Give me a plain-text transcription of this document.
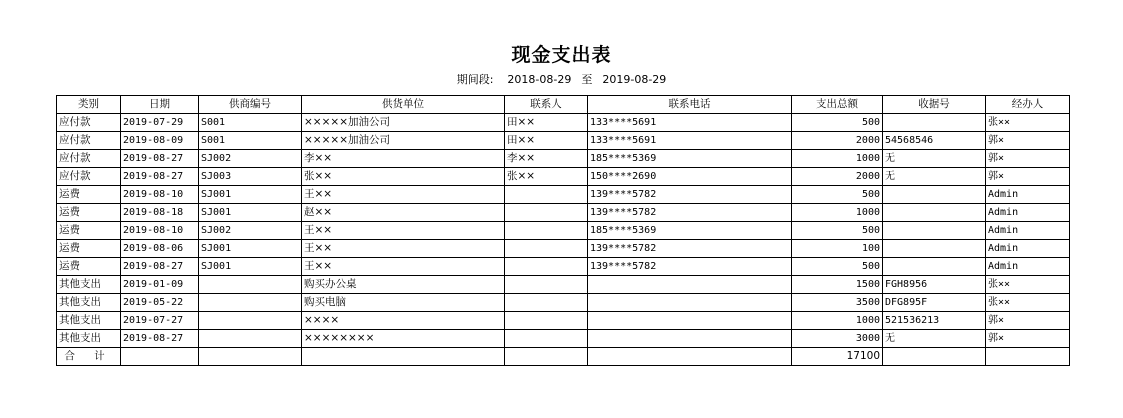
现金支出表
期间段: 2018-08-29 至 2019-08-29
类别	日期	供商编号	供货单位	联系人	联系电话	支出总额	收据号	经办人
应付款	2019-07-29	S001	×××××加油公司	田××	133****5691	500		张××
应付款	2019-08-09	S001	×××××加油公司	田××	133****5691	2000	54568546	郭×
应付款	2019-08-27	SJ002	李××	李××	185****5369	1000	无	郭×
应付款	2019-08-27	SJ003	张××	张××	150****2690	2000	无	郭×
运费	2019-08-10	SJ001	王××		139****5782	500		Admin
运费	2019-08-18	SJ001	赵××		139****5782	1000		Admin
运费	2019-08-10	SJ002	王××		185****5369	500		Admin
运费	2019-08-06	SJ001	王××		139****5782	100		Admin
运费	2019-08-27	SJ001	王××		139****5782	500		Admin
其他支出	2019-01-09		购买办公桌			1500	FGH8956	张××
其他支出	2019-05-22		购买电脑			3500	DFG895F	张××
其他支出	2019-07-27		××××			1000	521536213	郭×
其他支出	2019-08-27		××××××××			3000	无	郭×
合 计						17100		
